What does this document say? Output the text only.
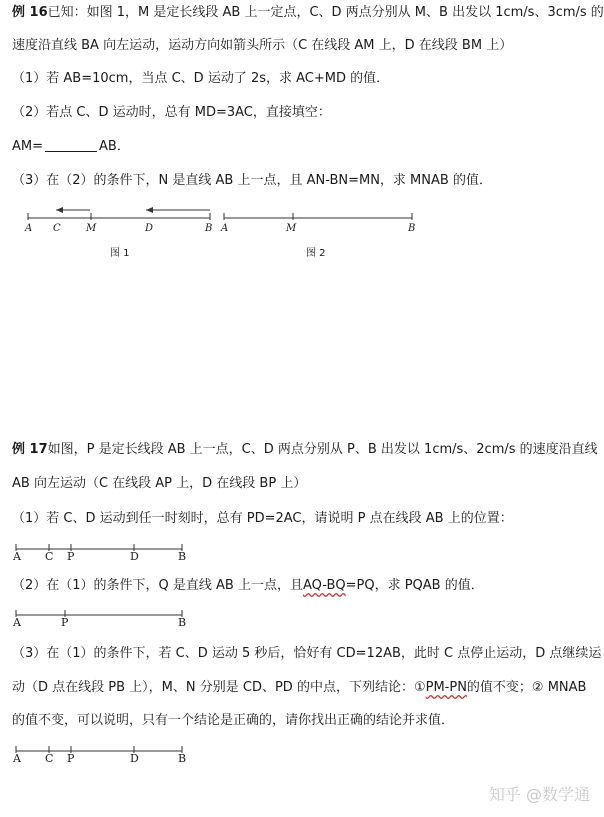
例 16已知：如图 1，M 是定长线段 AB 上一定点，C、D 两点分别从 M、B 出发以 1cm/s、3cm/s 的
速度沿直线 BA 向左运动，运动方向如箭头所示（C 在线段 AM 上，D 在线段 BM 上）
（1）若 AB=10cm，当点 C、D 运动了 2s，求 AC+MD 的值．
（2）若点 C、D 运动时，总有 MD=3AC，直接填空：
AM=	AB．
（3）在（2）的条件下，N 是直线 AB 上一点，且 AN-BN=MN，求 MNAB 的值．
A C	M	D	B
图 1
A	M	B
图 2
例 17如图，P 是定长线段 AB 上一点，C、D 两点分别从 P、B 出发以 1cm/s、2cm/s 的速度沿直线
AB 向左运动（C 在线段 AP 上，D 在线段 BP 上）
（1）若 C、D 运动到任一时刻时，总有 PD=2AC，请说明 P 点在线段 AB 上的位置：
A C P	D	B
（2）在（1）的条件下，Q 是直线 AB 上一点，且AQ-BQ=PQ，求 PQAB 的值．
A	P	B
（3）在（1）的条件下，若 C、D 运动 5 秒后，恰好有 CD=12AB，此时 C 点停止运动，D 点继续运
动（D 点在线段 PB 上），M、N 分别是 CD、PD 的中点，下列结论：①PM-PN的值不变；② MNAB
的值不变，可以说明，只有一个结论是正确的，请你找出正确的结论并求值．
A C P	D	B
知乎 @数学通
